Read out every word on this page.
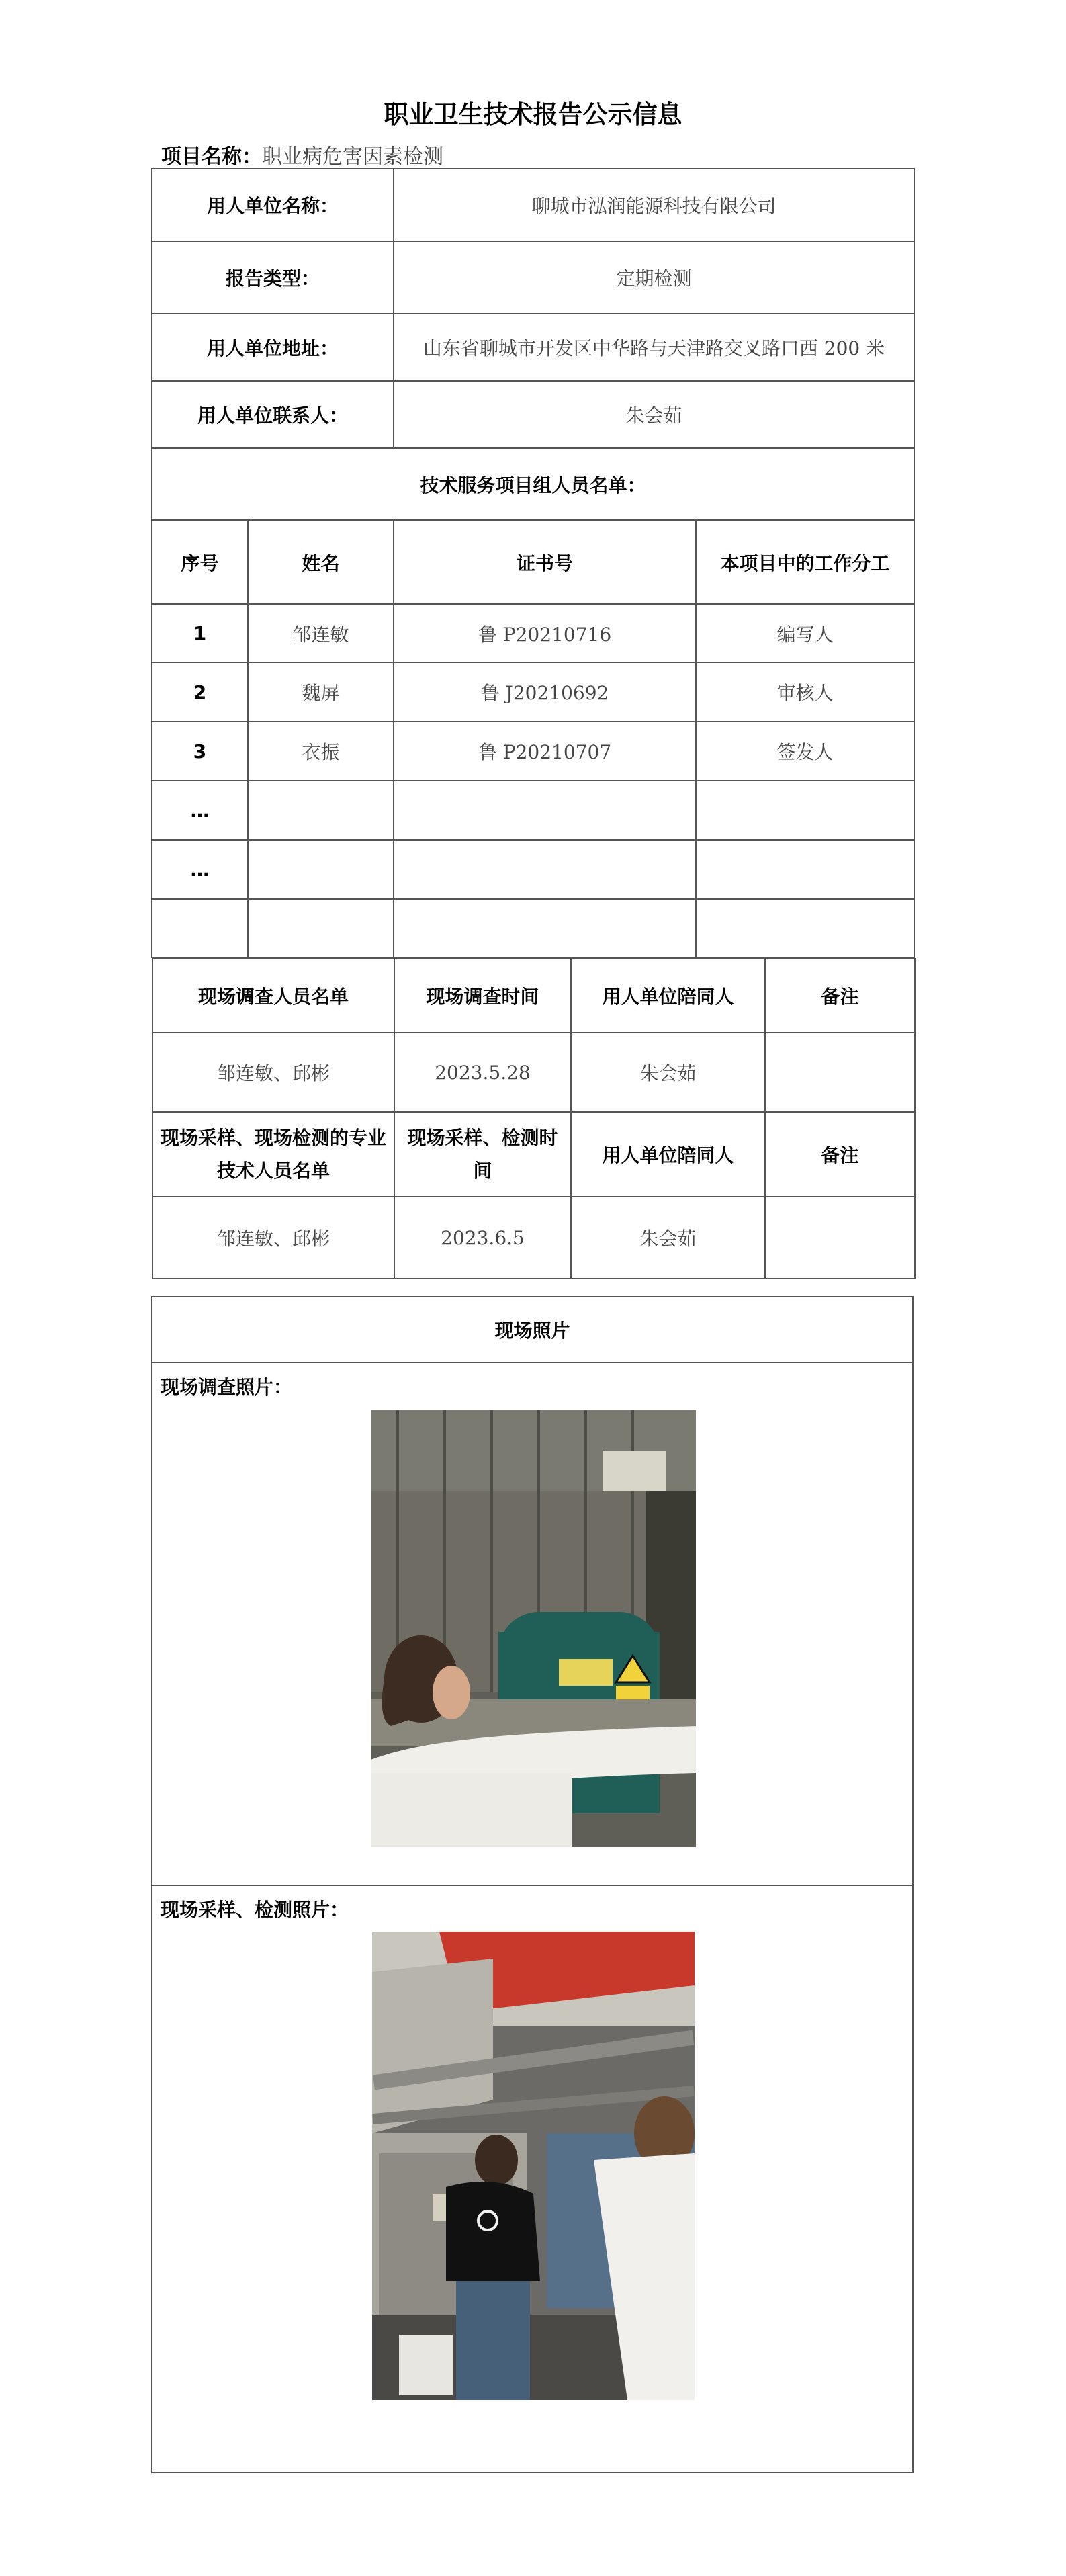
职业卫生技术报告公示信息
项目名称：职业病危害因素检测
用人单位名称：	聊城市泓润能源科技有限公司
报告类型：	定期检测
用人单位地址：	山东省聊城市开发区中华路与天津路交叉路口西 200 米
用人单位联系人：	朱会茹
技术服务项目组人员名单：
序号	姓名	证书号	本项目中的工作分工
1	邹连敏	鲁 P20210716	编写人
2	魏屏	鲁 J20210692	审核人
3	衣振	鲁 P20210707	签发人
…			
…			

现场调查人员名单	现场调查时间	用人单位陪同人	备注
邹连敏、邱彬	2023.5.28	朱会茹	
现场采样、现场检测的专业技术人员名单	现场采样、检测时间	用人单位陪同人	备注
邹连敏、邱彬	2023.6.5	朱会茹	
现场照片

现场调查照片：

现场采样、检测照片：
